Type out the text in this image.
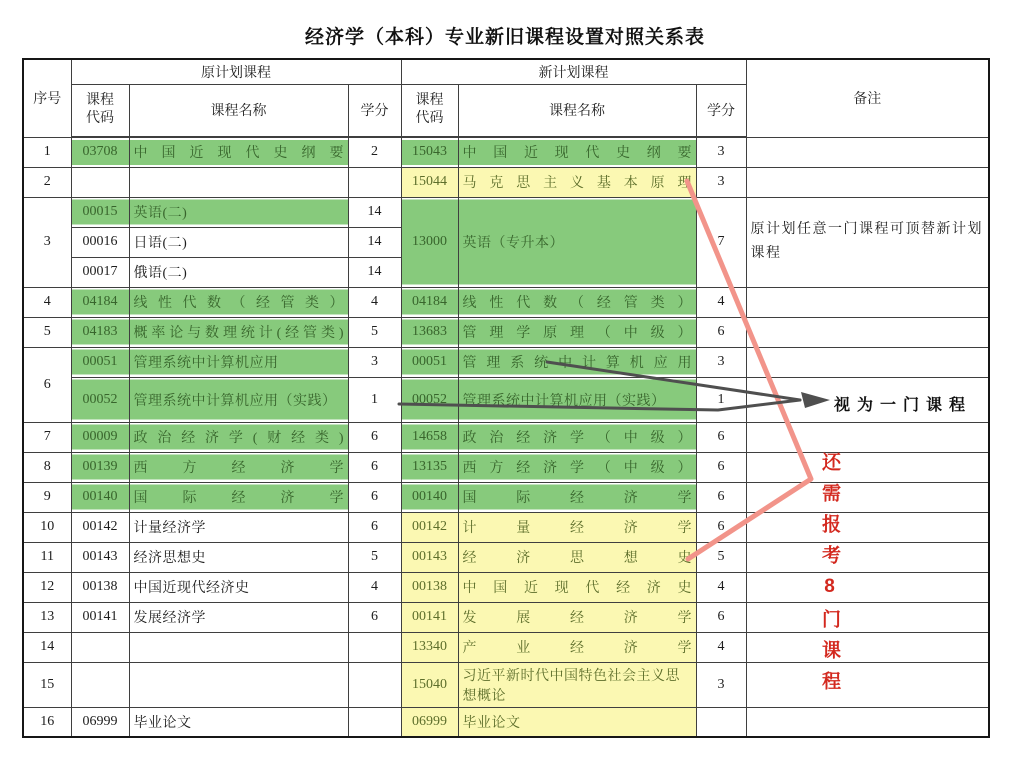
经济学（本科）专业新旧课程设置对照关系表
序号	原计划课程			新计划课程			备注
	课程代码	课程名称	学分	课程代码	课程名称	学分	
1	03708	中国近现代史纲要	2	15043	中国近现代史纲要	3	
2				15044	马克思主义基本原理	3	
3	00015	英语(二)	14	13000	英语（专升本）	7	原计划任意一门课程可顶替新计划课程
	00016	日语(二)	14				
	00017	俄语(二)	14				
4	04184	线性代数（经管类）	4	04184	线性代数（经管类）	4	
5	04183	概率论与数理统计(经管类)	5	13683	管理学原理（中级）	6	
6	00051	管理系统中计算机应用	3	00051	管理系统中计算机应用	3	
	00052	管理系统中计算机应用（实践）	1	00052	管理系统中计算机应用（实践）	1	
7	00009	政治经济学(财经类)	6	14658	政治经济学（中级）	6	
8	00139	西方经济学	6	13135	西方经济学（中级）	6	
9	00140	国际经济学	6	00140	国际经济学	6	
10	00142	计量经济学	6	00142	计量经济学	6	
11	00143	经济思想史	5	00143	经济思想史	5	
12	00138	中国近现代经济史	4	00138	中国近现代经济史	4	
13	00141	发展经济学	6	00141	发展经济学	6	
14				13340	产业经济学	4	
15				15040	习近平新时代中国特色社会主义思想概论	3	
16	06999	毕业论文		06999	毕业论文		
视为一门课程
还需报考8门课程
